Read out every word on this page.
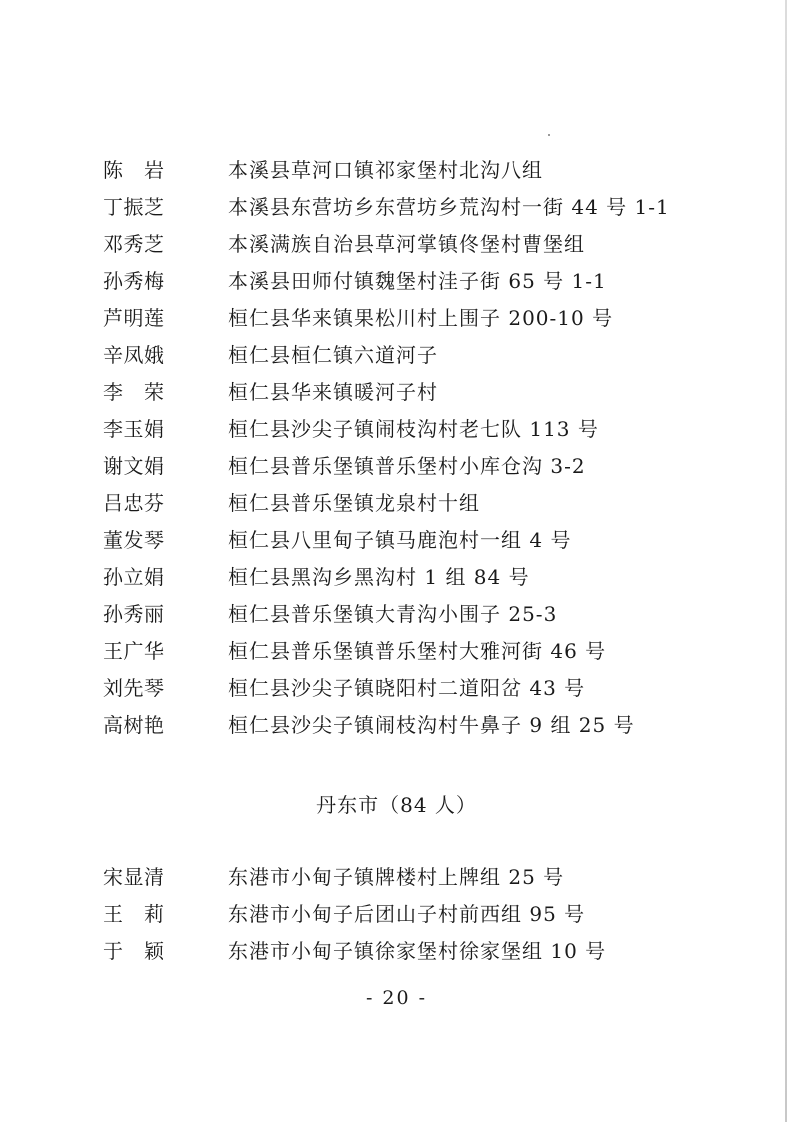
陈　岩	本溪县草河口镇祁家堡村北沟八组
丁振芝	本溪县东营坊乡东营坊乡荒沟村一街 44 号 1-1
邓秀芝	本溪满族自治县草河掌镇佟堡村曹堡组
孙秀梅	本溪县田师付镇魏堡村洼子街 65 号 1-1
芦明莲	桓仁县华来镇果松川村上围子 200-10 号
辛凤娥	桓仁县桓仁镇六道河子
李　荣	桓仁县华来镇暖河子村
李玉娟	桓仁县沙尖子镇闹枝沟村老七队 113 号
谢文娟	桓仁县普乐堡镇普乐堡村小库仓沟 3-2
吕忠芬	桓仁县普乐堡镇龙泉村十组
董发琴	桓仁县八里甸子镇马鹿泡村一组 4 号
孙立娟	桓仁县黑沟乡黑沟村 1 组 84 号
孙秀丽	桓仁县普乐堡镇大青沟小围子 25-3
王广华	桓仁县普乐堡镇普乐堡村大雅河街 46 号
刘先琴	桓仁县沙尖子镇晓阳村二道阳岔 43 号
高树艳	桓仁县沙尖子镇闹枝沟村牛鼻子 9 组 25 号
丹东市（84 人）
宋显清	东港市小甸子镇牌楼村上牌组 25 号
王　莉	东港市小甸子后团山子村前西组 95 号
于　颖	东港市小甸子镇徐家堡村徐家堡组 10 号
- 20 -
